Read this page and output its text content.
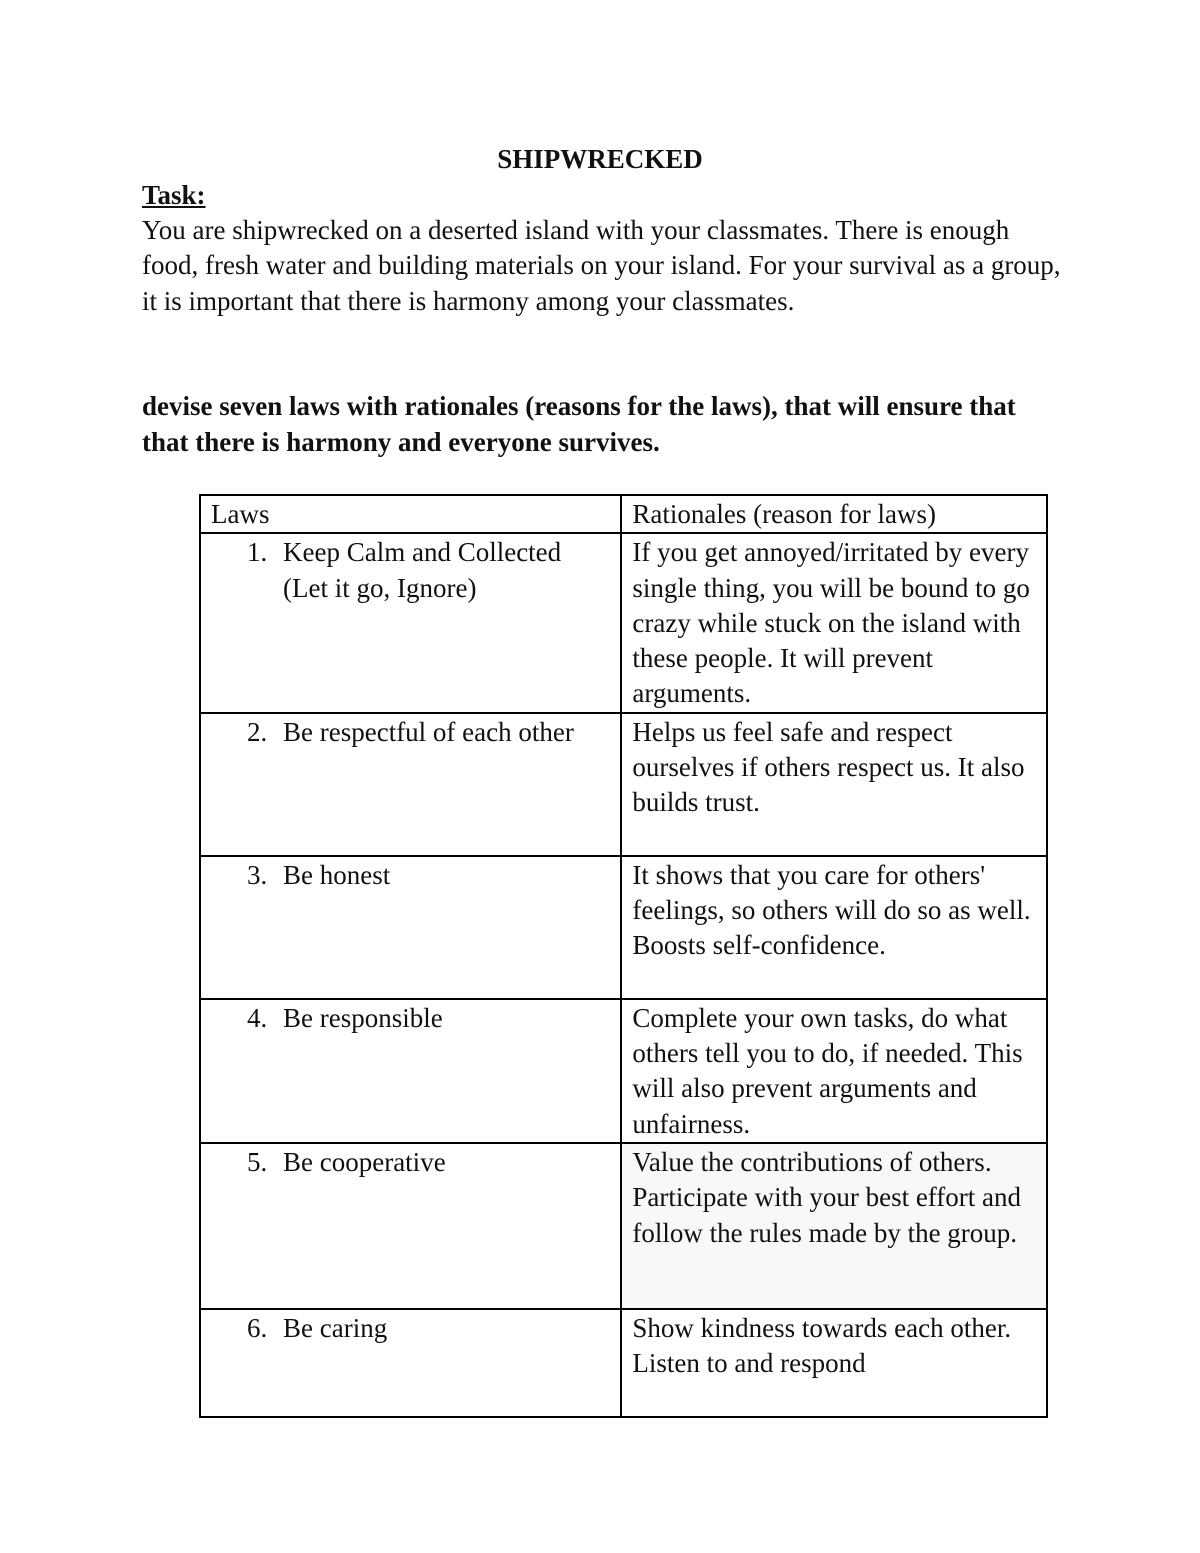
SHIPWRECKED
Task:
You are shipwrecked on a deserted island with your classmates. There is enough food, fresh water and building materials on your island. For your survival as a group, it is important that there is harmony among your classmates.
devise seven laws with rationales (reasons for the laws), that will ensure that that there is harmony and everyone survives.
Laws	Rationales (reason for laws)

1. Keep Calm and Collected (Let it go, Ignore)	If you get annoyed/irritated by every single thing, you will be bound to go crazy while stuck on the island with these people. It will prevent arguments.

2. Be respectful of each other	Helps us feel safe and respect ourselves if others respect us. It also builds trust.

3. Be honest	It shows that you care for others' feelings, so others will do so as well. Boosts self-confidence.

4. Be responsible	Complete your own tasks, do what others tell you to do, if needed. This will also prevent arguments and unfairness.

5. Be cooperative	Value the contributions of others. Participate with your best effort and follow the rules made by the group.

6. Be caring	Show kindness towards each other. Listen to and respond
